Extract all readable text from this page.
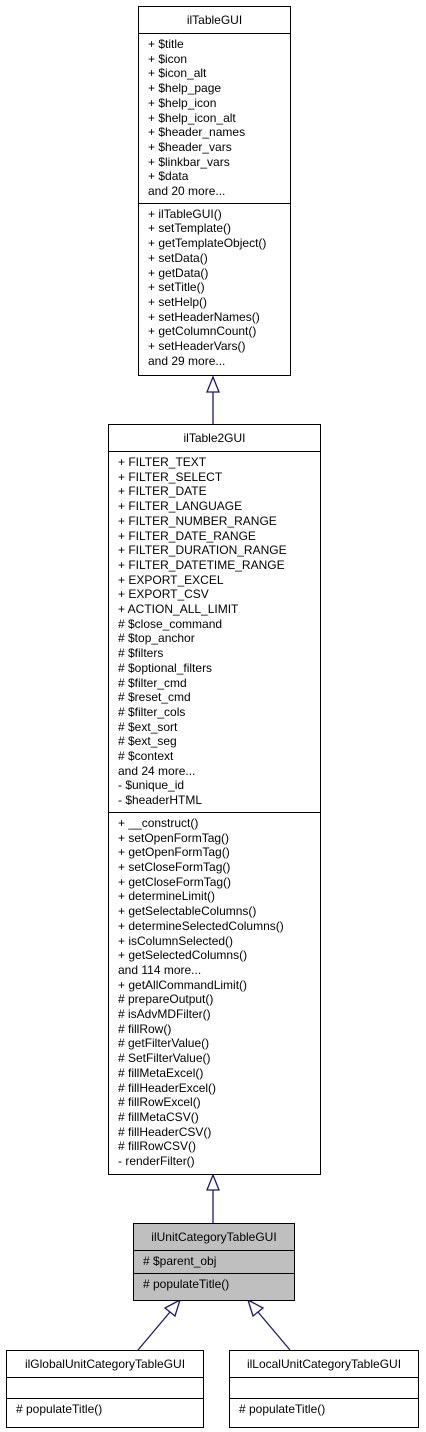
ilTableGUI
+ $title
+ $icon
+ $icon_alt
+ $help_page
+ $help_icon
+ $help_icon_alt
+ $header_names
+ $header_vars
+ $linkbar_vars
+ $data
and 20 more...
+ ilTableGUI()
+ setTemplate()
+ getTemplateObject()
+ setData()
+ getData()
+ setTitle()
+ setHelp()
+ setHeaderNames()
+ getColumnCount()
+ setHeaderVars()
and 29 more...
ilTable2GUI
+ FILTER_TEXT
+ FILTER_SELECT
+ FILTER_DATE
+ FILTER_LANGUAGE
+ FILTER_NUMBER_RANGE
+ FILTER_DATE_RANGE
+ FILTER_DURATION_RANGE
+ FILTER_DATETIME_RANGE
+ EXPORT_EXCEL
+ EXPORT_CSV
+ ACTION_ALL_LIMIT
# $close_command
# $top_anchor
# $filters
# $optional_filters
# $filter_cmd
# $reset_cmd
# $filter_cols
# $ext_sort
# $ext_seg
# $context
and 24 more...
- $unique_id
- $headerHTML
+ __construct()
+ setOpenFormTag()
+ getOpenFormTag()
+ setCloseFormTag()
+ getCloseFormTag()
+ determineLimit()
+ getSelectableColumns()
+ determineSelectedColumns()
+ isColumnSelected()
+ getSelectedColumns()
and 114 more...
+ getAllCommandLimit()
# prepareOutput()
# isAdvMDFilter()
# fillRow()
# getFilterValue()
# SetFilterValue()
# fillMetaExcel()
# fillHeaderExcel()
# fillRowExcel()
# fillMetaCSV()
# fillHeaderCSV()
# fillRowCSV()
- renderFilter()
ilUnitCategoryTableGUI
# $parent_obj
# populateTitle()
ilGlobalUnitCategoryTableGUI
# populateTitle()
ilLocalUnitCategoryTableGUI
# populateTitle()
